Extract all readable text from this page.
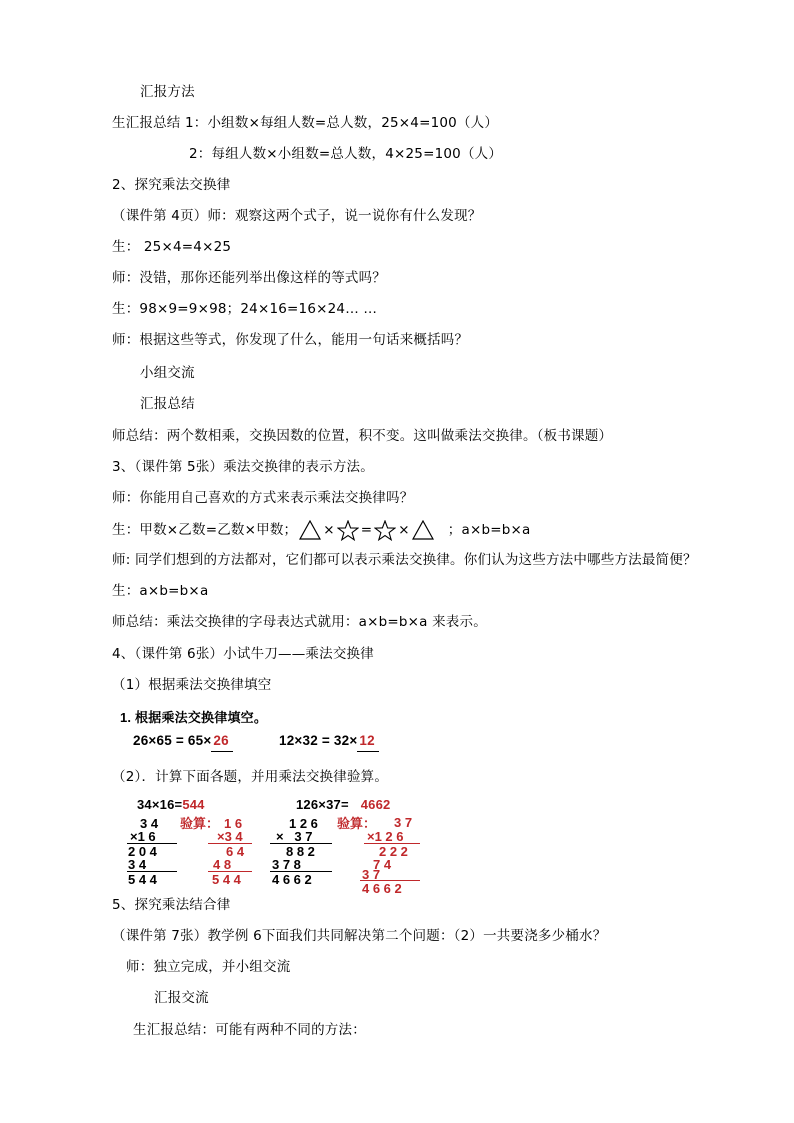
汇报方法
生汇报总结 1：小组数×每组人数=总人数，25×4=100（人）
2：每组人数×小组数=总人数，4×25=100（人）
2、探究乘法交换律
（课件第 4页）师：观察这两个式子，说一说你有什么发现？
生： 25×4=4×25
师：没错，那你还能列举出像这样的等式吗？
生：98×9=9×98；24×16=16×24… …
师：根据这些等式，你发现了什么，能用一句话来概括吗？
小组交流
汇报总结
师总结：两个数相乘，交换因数的位置，积不变。这叫做乘法交换律。（板书课题）
3、（课件第 5张）乘法交换律的表示方法。
师：你能用自己喜欢的方式来表示乘法交换律吗？
生：甲数×乙数=乙数×甲数； × = ×	；a×b=b×a
师: 同学们想到的方法都对，它们都可以表示乘法交换律。你们认为这些方法中哪些方法最简便？
生：a×b=b×a
师总结：乘法交换律的字母表达式就用：a×b=b×a 来表示。
4、（课件第 6张）小试牛刀——乘法交换律
（1）根据乘法交换律填空
1. 根据乘法交换律填空。
26×65 = 65× 26	12×32 = 32× 12
（2）．计算下面各题，并用乘法交换律验算。
34×16=544	126×37= 4662
3 4
×1 6
2 0 4
3 4
5 4 4
验算： 1 6
×3 4
6 4
4 8
5 4 4
1 2 6
×   3 7
8 8 2
3 7 8
4 6 6 2
验算： 3 7
×1 2 6
2 2 2
7 4
3 7
4 6 6 2
5、探究乘法结合律
（课件第 7张）教学例 6下面我们共同解决第二个问题：（2）一共要浇多少桶水？
师：独立完成，并小组交流
汇报交流
生汇报总结：可能有两种不同的方法：
